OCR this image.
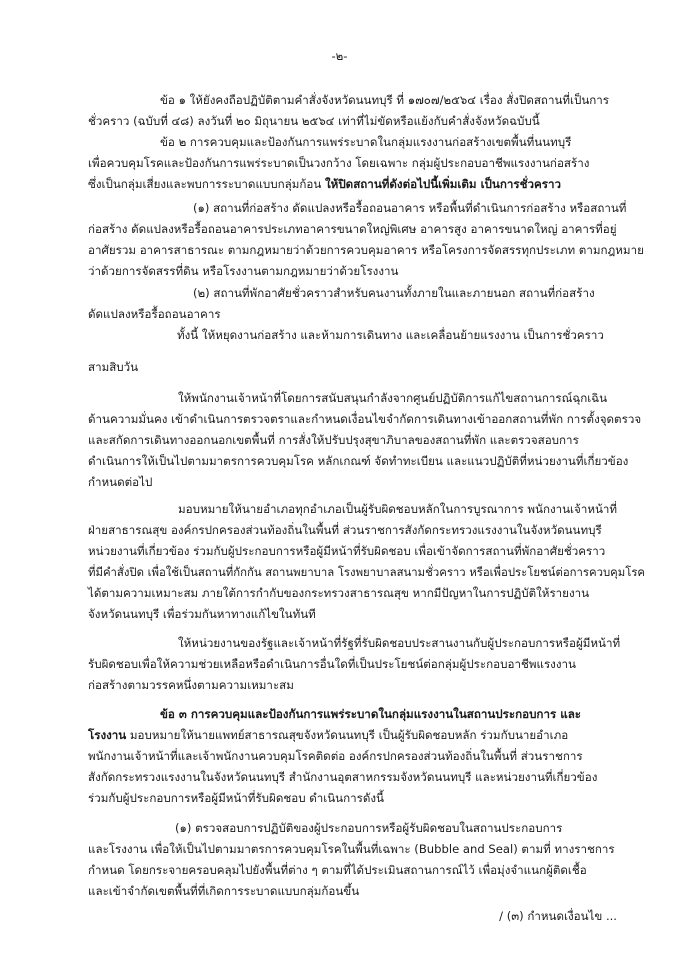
-๒-
ข้อ ๑ ให้ยังคงถือปฏิบัติตามคำสั่งจังหวัดนนทบุรี ที่ ๑๗๐๗/๒๕๖๔ เรื่อง สั่งปิดสถานที่เป็นการ
ชั่วคราว (ฉบับที่ ๔๘) ลงวันที่ ๒๐ มิถุนายน ๒๕๖๔ เท่าที่ไม่ขัดหรือแย้งกับคำสั่งจังหวัดฉบับนี้
ข้อ ๒ การควบคุมและป้องกันการแพร่ระบาดในกลุ่มแรงงานก่อสร้างเขตพื้นที่นนทบุรี
เพื่อควบคุมโรคและป้องกันการแพร่ระบาดเป็นวงกว้าง โดยเฉพาะ กลุ่มผู้ประกอบอาชีพแรงงานก่อสร้าง
ซึ่งเป็นกลุ่มเสี่ยงและพบการระบาดแบบกลุ่มก้อน ให้ปิดสถานที่ดังต่อไปนี้เพิ่มเติม เป็นการชั่วคราว
(๑) สถานที่ก่อสร้าง ดัดแปลงหรือรื้อถอนอาคาร หรือพื้นที่ดำเนินการก่อสร้าง หรือสถานที่
ก่อสร้าง ดัดแปลงหรือรื้อถอนอาคารประเภทอาคารขนาดใหญ่พิเศษ อาคารสูง อาคารขนาดใหญ่ อาคารที่อยู่
อาศัยรวม อาคารสาธารณะ ตามกฎหมายว่าด้วยการควบคุมอาคาร หรือโครงการจัดสรรทุกประเภท ตามกฎหมาย
ว่าด้วยการจัดสรรที่ดิน หรือโรงงานตามกฎหมายว่าด้วยโรงงาน
(๒) สถานที่พักอาศัยชั่วคราวสำหรับคนงานทั้งภายในและภายนอก สถานที่ก่อสร้าง
ดัดแปลงหรือรื้อถอนอาคาร
ทั้งนี้ ให้หยุดงานก่อสร้าง และห้ามการเดินทาง และเคลื่อนย้ายแรงงาน เป็นการชั่วคราว
สามสิบวัน
ให้พนักงานเจ้าหน้าที่โดยการสนับสนุนกำลังจากศูนย์ปฏิบัติการแก้ไขสถานการณ์ฉุกเฉิน
ด้านความมั่นคง เข้าดำเนินการตรวจตราและกำหนดเงื่อนไขจำกัดการเดินทางเข้าออกสถานที่พัก การตั้งจุดตรวจ
และสกัดการเดินทางออกนอกเขตพื้นที่ การสั่งให้ปรับปรุงสุขาภิบาลของสถานที่พัก และตรวจสอบการ
ดำเนินการให้เป็นไปตามมาตรการควบคุมโรค หลักเกณฑ์ จัดทำทะเบียน และแนวปฏิบัติที่หน่วยงานที่เกี่ยวข้อง
กำหนดต่อไป
มอบหมายให้นายอำเภอทุกอำเภอเป็นผู้รับผิดชอบหลักในการบูรณาการ พนักงานเจ้าหน้าที่
ฝ่ายสาธารณสุข องค์กรปกครองส่วนท้องถิ่นในพื้นที่ ส่วนราชการสังกัดกระทรวงแรงงานในจังหวัดนนทบุรี
หน่วยงานที่เกี่ยวข้อง ร่วมกับผู้ประกอบการหรือผู้มีหน้าที่รับผิดชอบ เพื่อเข้าจัดการสถานที่พักอาศัยชั่วคราว
ที่มีคำสั่งปิด เพื่อใช้เป็นสถานที่กักกัน สถานพยาบาล โรงพยาบาลสนามชั่วคราว หรือเพื่อประโยชน์ต่อการควบคุมโรค
ได้ตามความเหมาะสม ภายใต้การกำกับของกระทรวงสาธารณสุข หากมีปัญหาในการปฏิบัติให้รายงาน
จังหวัดนนทบุรี เพื่อร่วมกันหาทางแก้ไขในทันที
ให้หน่วยงานของรัฐและเจ้าหน้าที่รัฐที่รับผิดชอบประสานงานกับผู้ประกอบการหรือผู้มีหน้าที่
รับผิดชอบเพื่อให้ความช่วยเหลือหรือดำเนินการอื่นใดที่เป็นประโยชน์ต่อกลุ่มผู้ประกอบอาชีพแรงงาน
ก่อสร้างตามวรรคหนึ่งตามความเหมาะสม
ข้อ ๓ การควบคุมและป้องกันการแพร่ระบาดในกลุ่มแรงงานในสถานประกอบการ และ
โรงงาน มอบหมายให้นายแพทย์สาธารณสุขจังหวัดนนทบุรี เป็นผู้รับผิดชอบหลัก ร่วมกับนายอำเภอ
พนักงานเจ้าหน้าที่และเจ้าพนักงานควบคุมโรคติดต่อ องค์กรปกครองส่วนท้องถิ่นในพื้นที่ ส่วนราชการ
สังกัดกระทรวงแรงงานในจังหวัดนนทบุรี สำนักงานอุตสาหกรรมจังหวัดนนทบุรี และหน่วยงานที่เกี่ยวข้อง
ร่วมกับผู้ประกอบการหรือผู้มีหน้าที่รับผิดชอบ ดำเนินการดังนี้
(๑) ตรวจสอบการปฏิบัติของผู้ประกอบการหรือผู้รับผิดชอบในสถานประกอบการ
และโรงงาน เพื่อให้เป็นไปตามมาตรการควบคุมโรคในพื้นที่เฉพาะ (Bubble and Seal) ตามที่ ทางราชการ
กำหนด โดยกระจายครอบคลุมไปยังพื้นที่ต่าง ๆ ตามที่ได้ประเมินสถานการณ์ไว้ เพื่อมุ่งจำแนกผู้ติดเชื้อ
และเข้าจำกัดเขตพื้นที่ที่เกิดการระบาดแบบกลุ่มก้อนขึ้น
/ (๓) กำหนดเงื่อนไข ...
